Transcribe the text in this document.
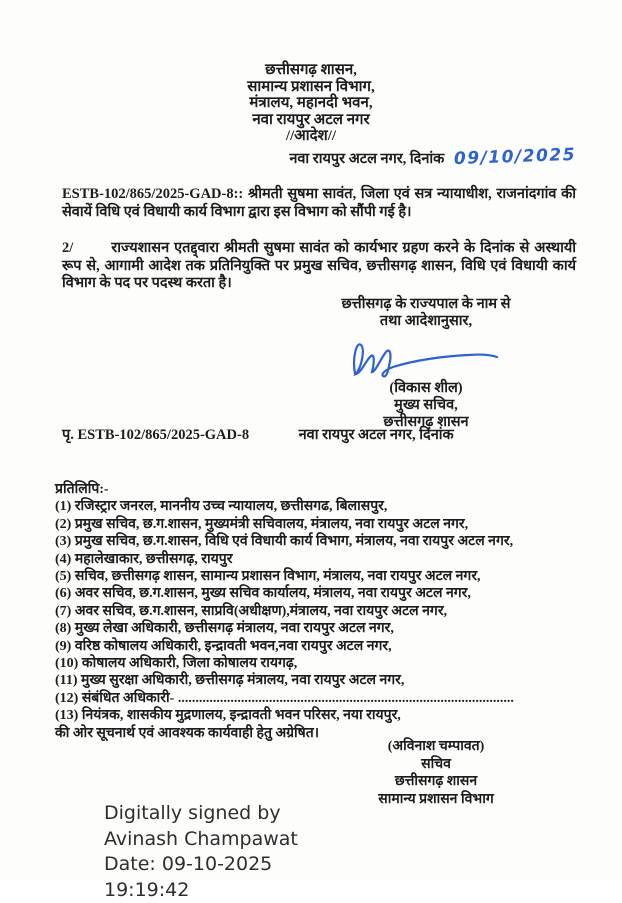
छत्तीसगढ़ शासन,
सामान्य प्रशासन विभाग,
मंत्रालय, महानदी भवन,
नवा रायपुर अटल नगर
//आदेश//
नवा रायपुर अटल नगर, दिनांक 09/10/2025
ESTB-102/865/2025-GAD-8:: श्रीमती सुषमा सावंत, जिला एवं सत्र न्यायाधीश, राजनांदगांव की सेवायें विधि एवं विधायी कार्य विभाग द्वारा इस विभाग को सौंपी गई है।
2/	राज्यशासन एतद्द्वारा श्रीमती सुषमा सावंत को कार्यभार ग्रहण करने के दिनांक से अस्थायी रूप से, आगामी आदेश तक प्रतिनियुक्ति पर प्रमुख सचिव, छत्तीसगढ़ शासन, विधि एवं विधायी कार्य विभाग के पद पर पदस्थ करता है।
छत्तीसगढ़ के राज्यपाल के नाम से
तथा आदेशानुसार,
(विकास शील)
मुख्य सचिव,
छत्तीसगढ़ शासन
पृ. ESTB-102/865/2025-GAD-8	नवा रायपुर अटल नगर, दिनांक
प्रतिलिपि:-
(1) रजिस्ट्रार जनरल, माननीय उच्च न्यायालय, छत्तीसगढ, बिलासपुर,
(2) प्रमुख सचिव, छ.ग.शासन, मुख्यमंत्री सचिवालय, मंत्रालय, नवा रायपुर अटल नगर,
(3) प्रमुख सचिव, छ.ग.शासन, विधि एवं विधायी कार्य विभाग, मंत्रालय, नवा रायपुर अटल नगर,
(4) महालेखाकार, छत्तीसगढ़, रायपुर
(5) सचिव, छत्तीसगढ़ शासन, सामान्य प्रशासन विभाग, मंत्रालय, नवा रायपुर अटल नगर,
(6) अवर सचिव, छ.ग.शासन, मुख्य सचिव कार्यालय, मंत्रालय, नवा रायपुर अटल नगर,
(7) अवर सचिव, छ.ग.शासन, साप्रवि(अधीक्षण),मंत्रालय, नवा रायपुर अटल नगर,
(8) मुख्य लेखा अधिकारी, छत्तीसगढ़ मंत्रालय, नवा रायपुर अटल नगर,
(9) वरिष्ठ कोषालय अधिकारी, इन्द्रावती भवन,नवा रायपुर अटल नगर,
(10) कोषालय अधिकारी, जिला कोषालय रायगढ़,
(11) मुख्य सुरक्षा अधिकारी, छत्तीसगढ़ मंत्रालय, नवा रायपुर अटल नगर,
(12) संबंधित अधिकारी- ................................................................................................
(13) नियंत्रक, शासकीय मुद्रणालय, इन्द्रावती भवन परिसर, नया रायपुर,
की ओर सूचनार्थ एवं आवश्यक कार्यवाही हेतु अग्रेषित।
(अविनाश चम्पावत)
सचिव
छत्तीसगढ़ शासन
सामान्य प्रशासन विभाग
Digitally signed by
Avinash Champawat
Date: 09-10-2025
19:19:42
